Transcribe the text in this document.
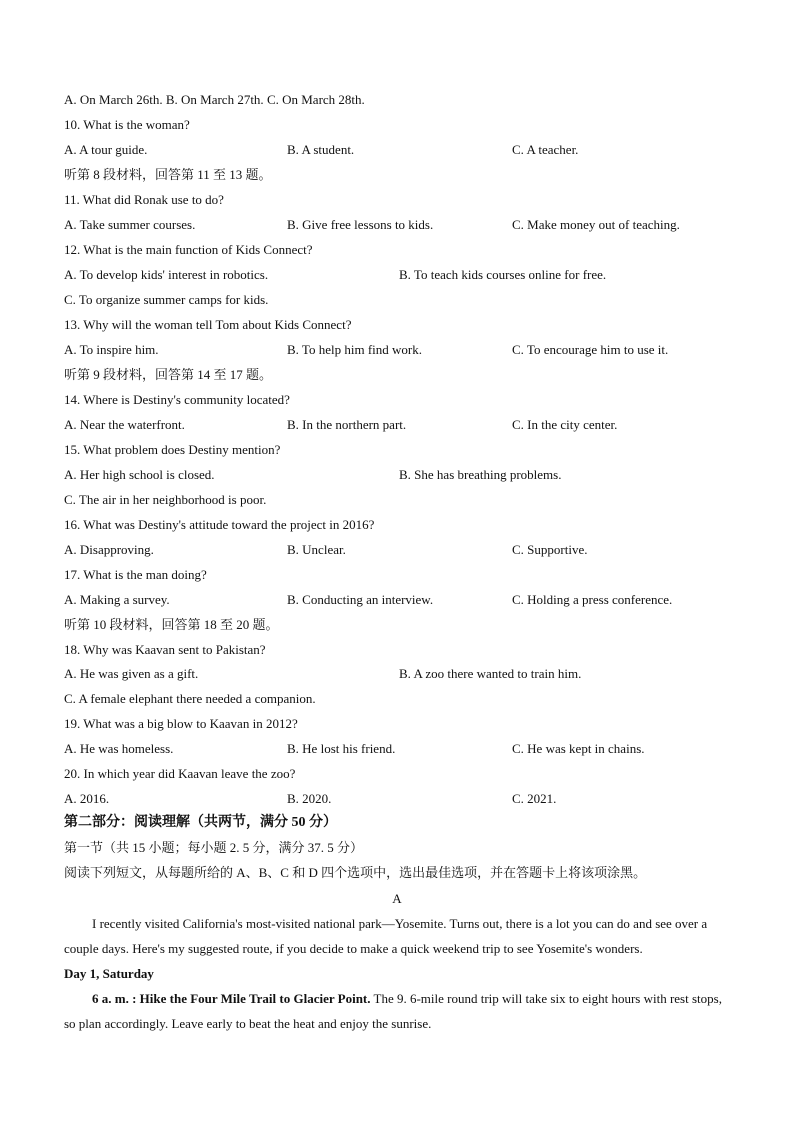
A. On March 26th. B. On March 27th. C. On March 28th.
10. What is the woman?
A. A tour guide.	B. A student.	C. A teacher.
听第 8 段材料，回答第 11 至 13 题。
11. What did Ronak use to do?
A. Take summer courses.	B. Give free lessons to kids.	C. Make money out of teaching.
12. What is the main function of Kids Connect?
A. To develop kids' interest in robotics.	B. To teach kids courses online for free.
C. To organize summer camps for kids.
13. Why will the woman tell Tom about Kids Connect?
A. To inspire him.	B. To help him find work.	C. To encourage him to use it.
听第 9 段材料，回答第 14 至 17 题。
14. Where is Destiny's community located?
A. Near the waterfront.	B. In the northern part.	C. In the city center.
15. What problem does Destiny mention?
A. Her high school is closed.	B. She has breathing problems.
C. The air in her neighborhood is poor.
16. What was Destiny's attitude toward the project in 2016?
A. Disapproving.	B. Unclear.	C. Supportive.
17. What is the man doing?
A. Making a survey.	B. Conducting an interview.	C. Holding a press conference.
听第 10 段材料，回答第 18 至 20 题。
18. Why was Kaavan sent to Pakistan?
A. He was given as a gift.	B. A zoo there wanted to train him.
C. A female elephant there needed a companion.
19. What was a big blow to Kaavan in 2012?
A. He was homeless.	B. He lost his friend.	C. He was kept in chains.
20. In which year did Kaavan leave the zoo?
A. 2016.	B. 2020.	C. 2021.
第二部分：阅读理解（共两节，满分 50 分）
第一节（共 15 小题；每小题 2. 5 分，满分 37. 5 分）
阅读下列短文，从每题所给的 A、B、C 和 D 四个选项中，选出最佳选项，并在答题卡上将该项涂黑。
A
I recently visited California's most-visited national park—Yosemite. Turns out, there is a lot you can do and see over a couple days. Here's my suggested route, if you decide to make a quick weekend trip to see Yosemite's wonders.
Day 1, Saturday
6 a. m. : Hike the Four Mile Trail to Glacier Point. The 9. 6-mile round trip will take six to eight hours with rest stops, so plan accordingly. Leave early to beat the heat and enjoy the sunrise.
